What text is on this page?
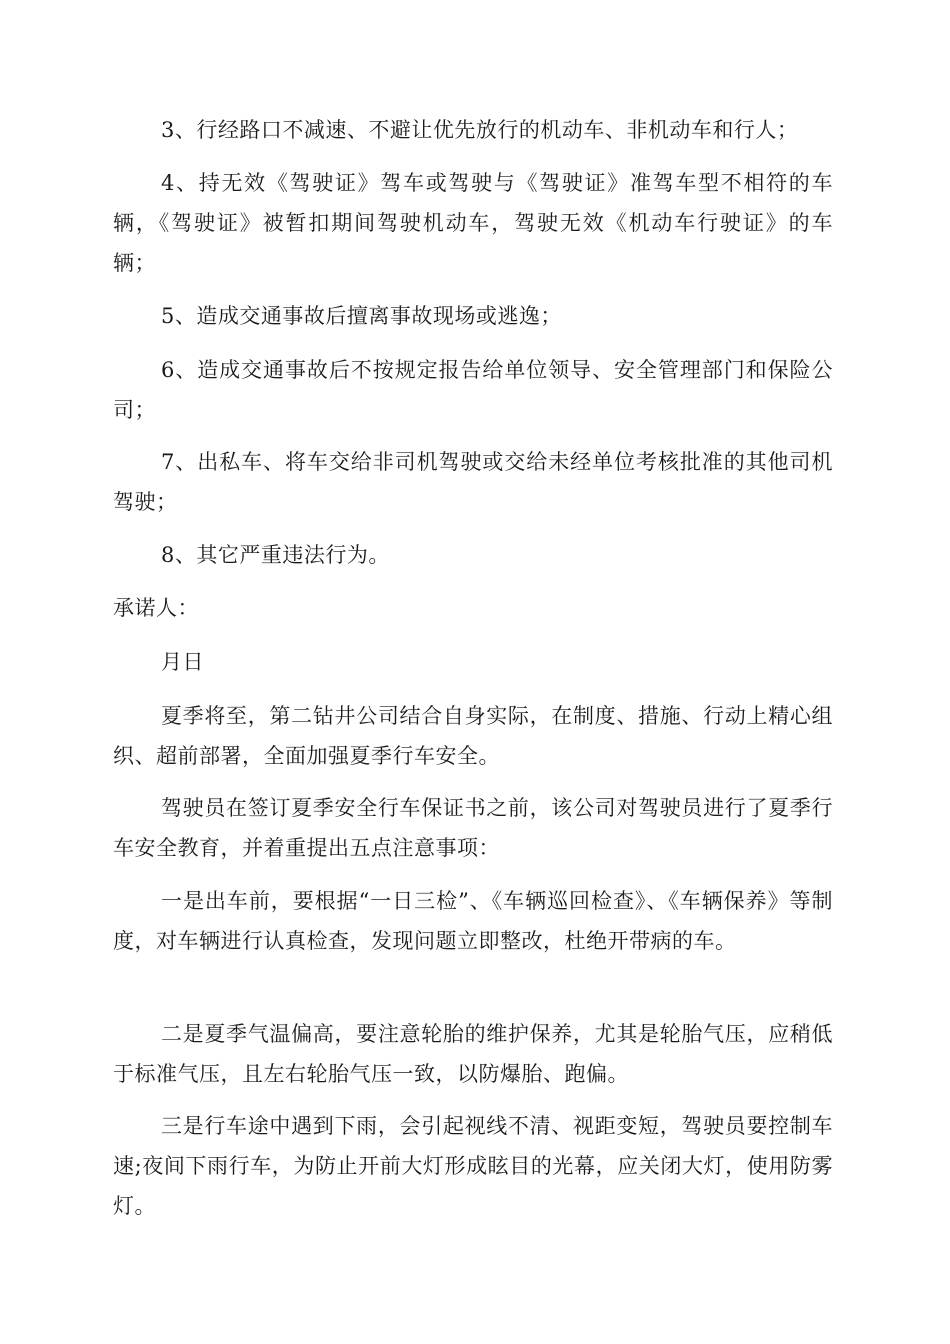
3、行经路口不减速、不避让优先放行的机动车、非机动车和行人；

4、持无效《驾驶证》驾车或驾驶与《驾驶证》准驾车型不相符的车辆，《驾驶证》被暂扣期间驾驶机动车，驾驶无效《机动车行驶证》的车辆；

5、造成交通事故后擅离事故现场或逃逸；

6、造成交通事故后不按规定报告给单位领导、安全管理部门和保险公司；

7、出私车、将车交给非司机驾驶或交给未经单位考核批准的其他司机驾驶；

8、其它严重违法行为。

承诺人：

月日

夏季将至，第二钻井公司结合自身实际，在制度、措施、行动上精心组织、超前部署，全面加强夏季行车安全。

驾驶员在签订夏季安全行车保证书之前，该公司对驾驶员进行了夏季行车安全教育，并着重提出五点注意事项：

一是出车前，要根据“一日三检”、《车辆巡回检查》、《车辆保养》等制度，对车辆进行认真检查，发现问题立即整改，杜绝开带病的车。

二是夏季气温偏高，要注意轮胎的维护保养，尤其是轮胎气压，应稍低于标准气压，且左右轮胎气压一致，以防爆胎、跑偏。

三是行车途中遇到下雨，会引起视线不清、视距变短，驾驶员要控制车速;夜间下雨行车，为防止开前大灯形成眩目的光幕，应关闭大灯，使用防雾灯。
